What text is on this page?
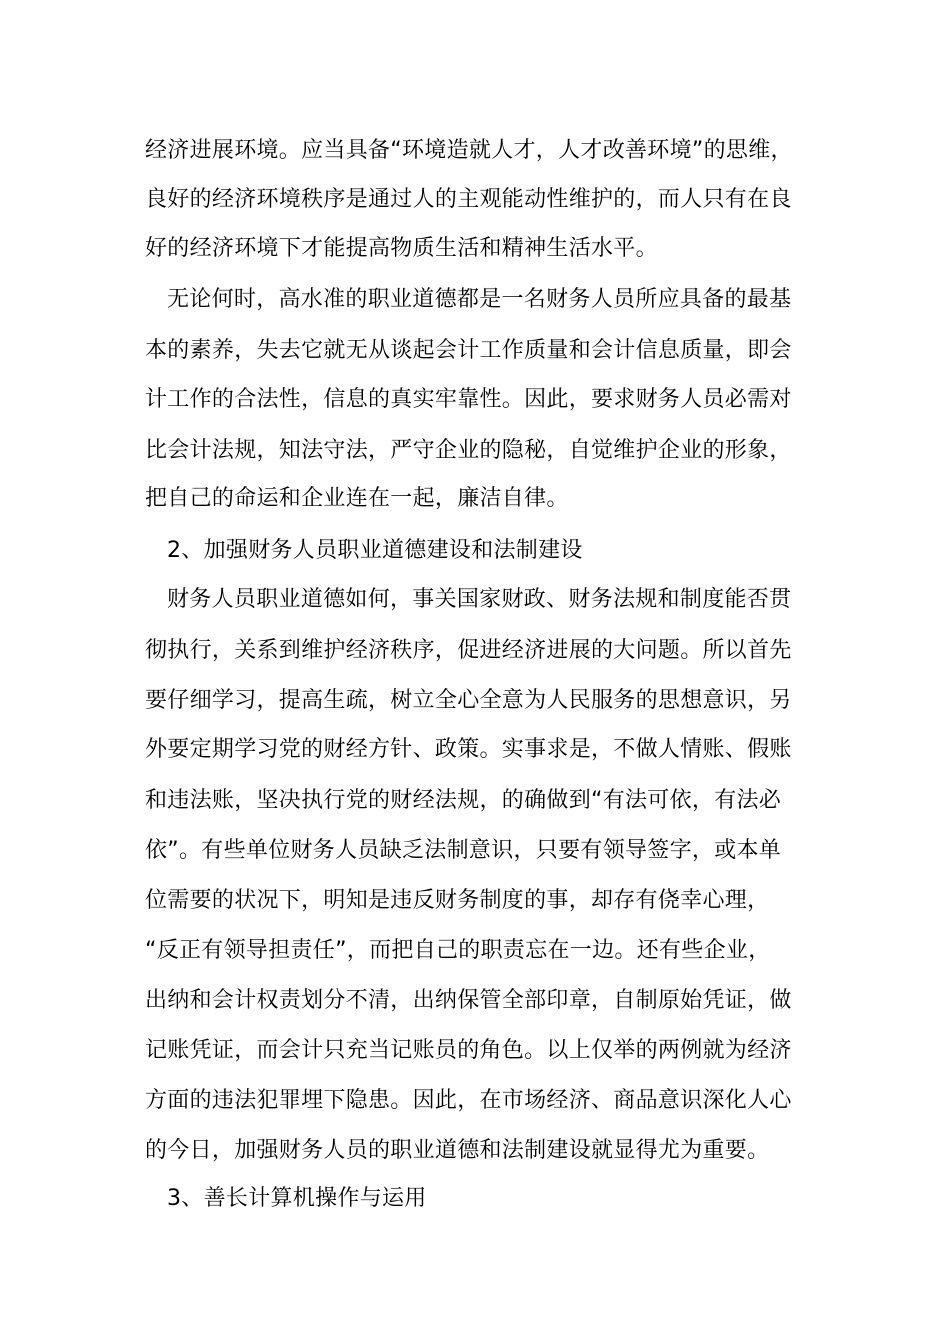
经济进展环境。应当具备“环境造就人才，人才改善环境”的思维，
良好的经济环境秩序是通过人的主观能动性维护的，而人只有在良
好的经济环境下才能提高物质生活和精神生活水平。
无论何时，高水准的职业道德都是一名财务人员所应具备的最基
本的素养，失去它就无从谈起会计工作质量和会计信息质量，即会
计工作的合法性，信息的真实牢靠性。因此，要求财务人员必需对
比会计法规，知法守法，严守企业的隐秘，自觉维护企业的形象，
把自己的命运和企业连在一起，廉洁自律。
2、加强财务人员职业道德建设和法制建设
财务人员职业道德如何，事关国家财政、财务法规和制度能否贯
彻执行，关系到维护经济秩序，促进经济进展的大问题。所以首先
要仔细学习，提高生疏，树立全心全意为人民服务的思想意识，另
外要定期学习党的财经方针、政策。实事求是，不做人情账、假账
和违法账，坚决执行党的财经法规，的确做到“有法可依，有法必
依”。有些单位财务人员缺乏法制意识，只要有领导签字，或本单
位需要的状况下，明知是违反财务制度的事，却存有侥幸心理，
“反正有领导担责任”，而把自己的职责忘在一边。还有些企业，
出纳和会计权责划分不清，出纳保管全部印章，自制原始凭证，做
记账凭证，而会计只充当记账员的角色。以上仅举的两例就为经济
方面的违法犯罪埋下隐患。因此，在市场经济、商品意识深化人心
的今日，加强财务人员的职业道德和法制建设就显得尤为重要。
3、善长计算机操作与运用
